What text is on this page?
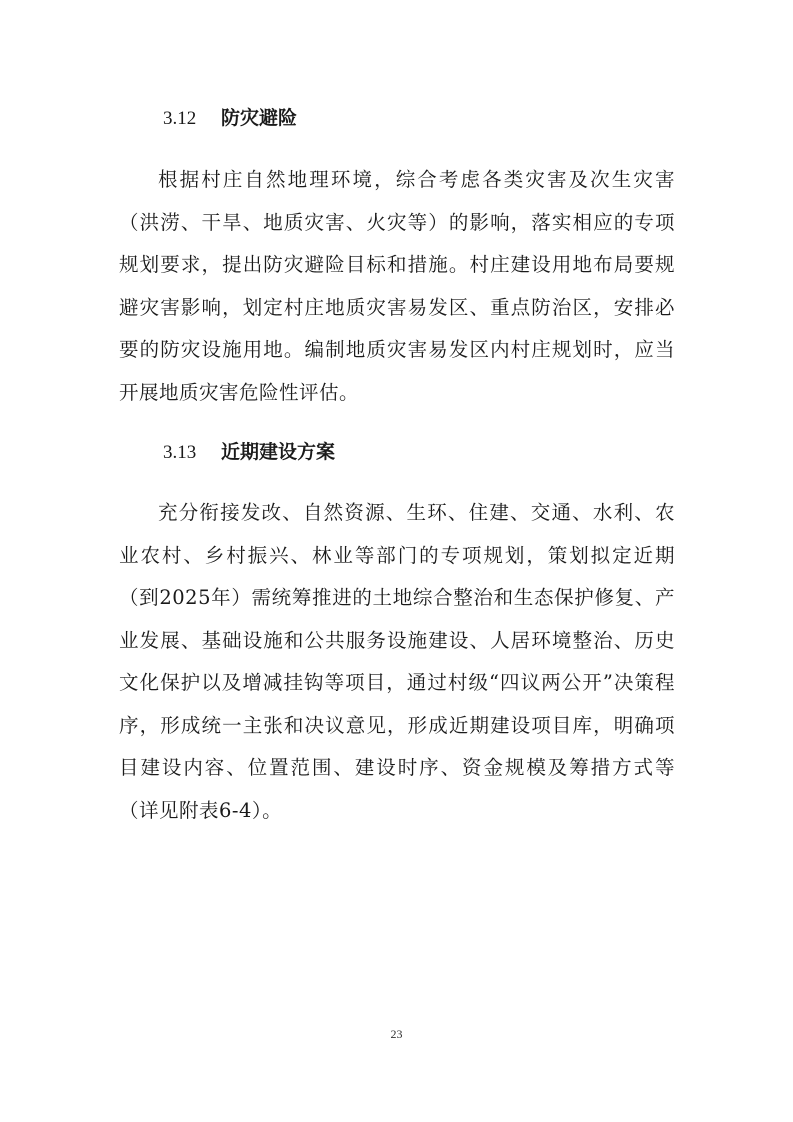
3.12 防灾避险

根据村庄自然地理环境，综合考虑各类灾害及次生灾害（洪涝、干旱、地质灾害、火灾等）的影响，落实相应的专项规划要求，提出防灾避险目标和措施。村庄建设用地布局要规避灾害影响，划定村庄地质灾害易发区、重点防治区，安排必要的防灾设施用地。编制地质灾害易发区内村庄规划时，应当开展地质灾害危险性评估。

3.13 近期建设方案

充分衔接发改、自然资源、生环、住建、交通、水利、农业农村、乡村振兴、林业等部门的专项规划，策划拟定近期（到2025年）需统筹推进的土地综合整治和生态保护修复、产业发展、基础设施和公共服务设施建设、人居环境整治、历史文化保护以及增减挂钩等项目，通过村级“四议两公开”决策程序，形成统一主张和决议意见，形成近期建设项目库，明确项目建设内容、位置范围、建设时序、资金规模及筹措方式等（详见附表6-4）。

23
